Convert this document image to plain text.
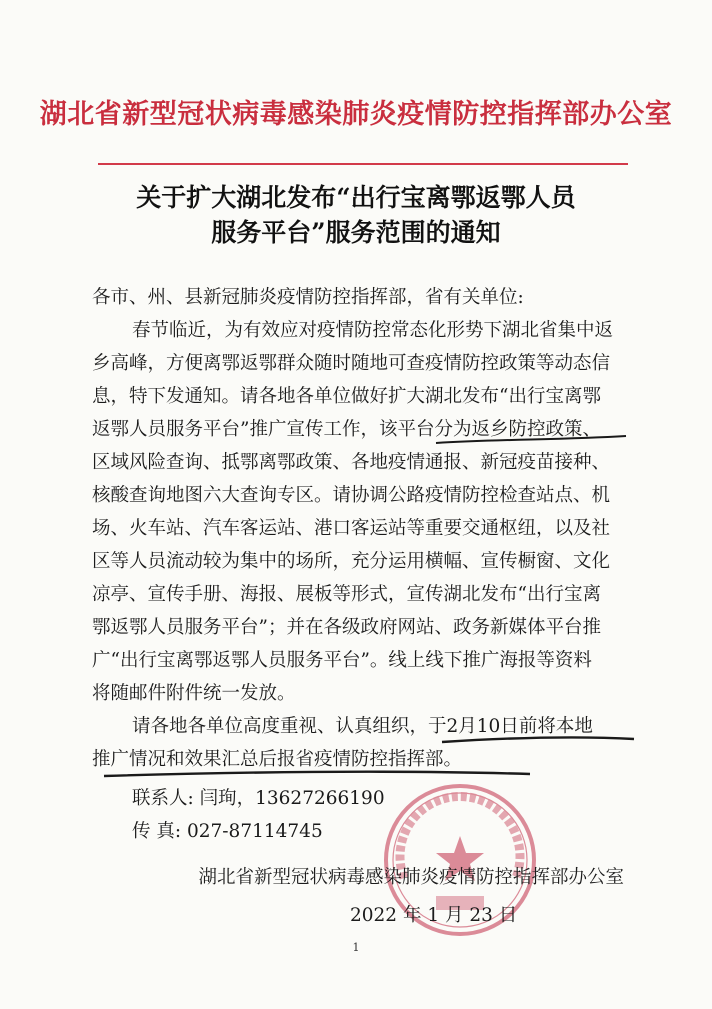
湖北省新型冠状病毒感染肺炎疫情防控指挥部办公室
关于扩大湖北发布“出行宝离鄂返鄂人员
服务平台”服务范围的通知
各市、州、县新冠肺炎疫情防控指挥部，省有关单位:
春节临近，为有效应对疫情防控常态化形势下湖北省集中返
乡高峰，方便离鄂返鄂群众随时随地可查疫情防控政策等动态信
息，特下发通知。请各地各单位做好扩大湖北发布“出行宝离鄂
返鄂人员服务平台”推广宣传工作，该平台分为返乡防控政策、
区域风险查询、抵鄂离鄂政策、各地疫情通报、新冠疫苗接种、
核酸查询地图六大查询专区。请协调公路疫情防控检查站点、机
场、火车站、汽车客运站、港口客运站等重要交通枢纽，以及社
区等人员流动较为集中的场所，充分运用横幅、宣传橱窗、文化
凉亭、宣传手册、海报、展板等形式，宣传湖北发布“出行宝离
鄂返鄂人员服务平台”；并在各级政府网站、政务新媒体平台推
广“出行宝离鄂返鄂人员服务平台”。线上线下推广海报等资料
将随邮件附件统一发放。
请各地各单位高度重视、认真组织，于2月10日前将本地
推广情况和效果汇总后报省疫情防控指挥部。
联系人: 闫珣，13627266190
传 真: 027-87114745
湖北省新型冠状病毒感染肺炎疫情防控指挥部办公室
2022 年 1 月 23 日
1
